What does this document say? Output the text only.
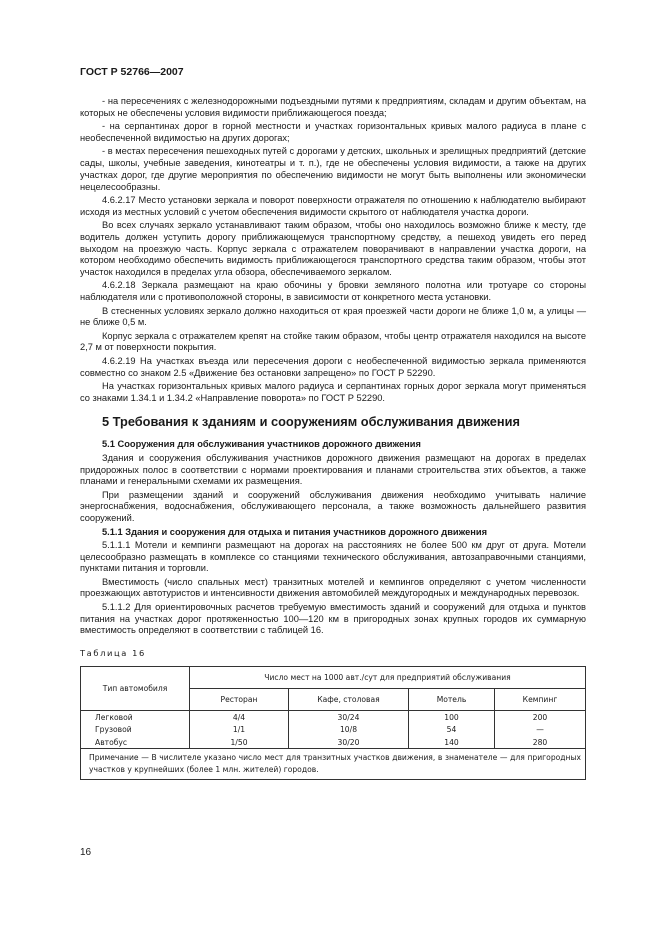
ГОСТ Р 52766—2007

- на пересечениях с железнодорожными подъездными путями к предприятиям, складам и другим объектам, на которых не обеспечены условия видимости приближающегося поезда;

- на серпантинах дорог в горной местности и участках горизонтальных кривых малого радиуса в плане с необеспеченной видимостью на других дорогах;

- в местах пересечения пешеходных путей с дорогами у детских, школьных и зрелищных предприятий (детские сады, школы, учебные заведения, кинотеатры и т. п.), где не обеспечены условия видимости, а также на других участках дорог, где другие мероприятия по обеспечению видимости не могут быть выполнены или экономически нецелесообразны.

4.6.2.17 Место установки зеркала и поворот поверхности отражателя по отношению к наблюдателю выбирают исходя из местных условий с учетом обеспечения видимости скрытого от наблюдателя участка дороги.

Во всех случаях зеркало устанавливают таким образом, чтобы оно находилось возможно ближе к месту, где водитель должен уступить дорогу приближающемуся транспортному средству, а пешеход увидеть его перед выходом на проезжую часть. Корпус зеркала с отражателем поворачивают в направлении участка дороги, на котором необходимо обеспечить видимость приближающегося транспортного средства таким образом, чтобы этот участок находился в пределах угла обзора, обеспечиваемого зеркалом.

4.6.2.18 Зеркала размещают на краю обочины у бровки земляного полотна или тротуаре со стороны наблюдателя или с противоположной стороны, в зависимости от конкретного места установки.

В стесненных условиях зеркало должно находиться от края проезжей части дороги не ближе 1,0 м, а улицы — не ближе 0,5 м.

Корпус зеркала с отражателем крепят на стойке таким образом, чтобы центр отражателя находился на высоте 2,7 м от поверхности покрытия.

4.6.2.19 На участках въезда или пересечения дороги с необеспеченной видимостью зеркала применяются совместно со знаком 2.5 «Движение без остановки запрещено» по ГОСТ Р 52290.

На участках горизонтальных кривых малого радиуса и серпантинах горных дорог зеркала могут применяться со знаками 1.34.1 и 1.34.2 «Направление поворота» по ГОСТ Р 52290.

5 Требования к зданиям и сооружениям обслуживания движения

5.1 Сооружения для обслуживания участников дорожного движения

Здания и сооружения обслуживания участников дорожного движения размещают на дорогах в пределах придорожных полос в соответствии с нормами проектирования и планами строительства этих объектов, а также планами и генеральными схемами их размещения.

При размещении зданий и сооружений обслуживания движения необходимо учитывать наличие энергоснабжения, водоснабжения, обслуживающего персонала, а также возможность дальнейшего развития сооружений.

5.1.1 Здания и сооружения для отдыха и питания участников дорожного движения

5.1.1.1 Мотели и кемпинги размещают на дорогах на расстояниях не более 500 км друг от друга. Мотели целесообразно размещать в комплексе со станциями технического обслуживания, автозаправочными станциями, пунктами питания и торговли.

Вместимость (число спальных мест) транзитных мотелей и кемпингов определяют с учетом численности проезжающих автотуристов и интенсивности движения автомобилей междугородных и международных перевозок.

5.1.1.2 Для ориентировочных расчетов требуемую вместимость зданий и сооружений для отдыха и пунктов питания на участках дорог протяженностью 100—120 км в пригородных зонах крупных городов их суммарную вместимость определяют в соответствии с таблицей 16.

Таблица 16

Тип автомобиля	Число мест на 1000 авт./сут для предприятий обслуживания			
	Ресторан	Кафе, столовая	Мотель	Кемпинг
Легковой	4/4	30/24	100	200
Грузовой	1/1	10/8	54	—
Автобус	1/50	30/20	140	280
Примечание — В числителе указано число мест для транзитных участков движения, в знаменателе — для пригородных участков у крупнейших (более 1 млн. жителей) городов.				
16
